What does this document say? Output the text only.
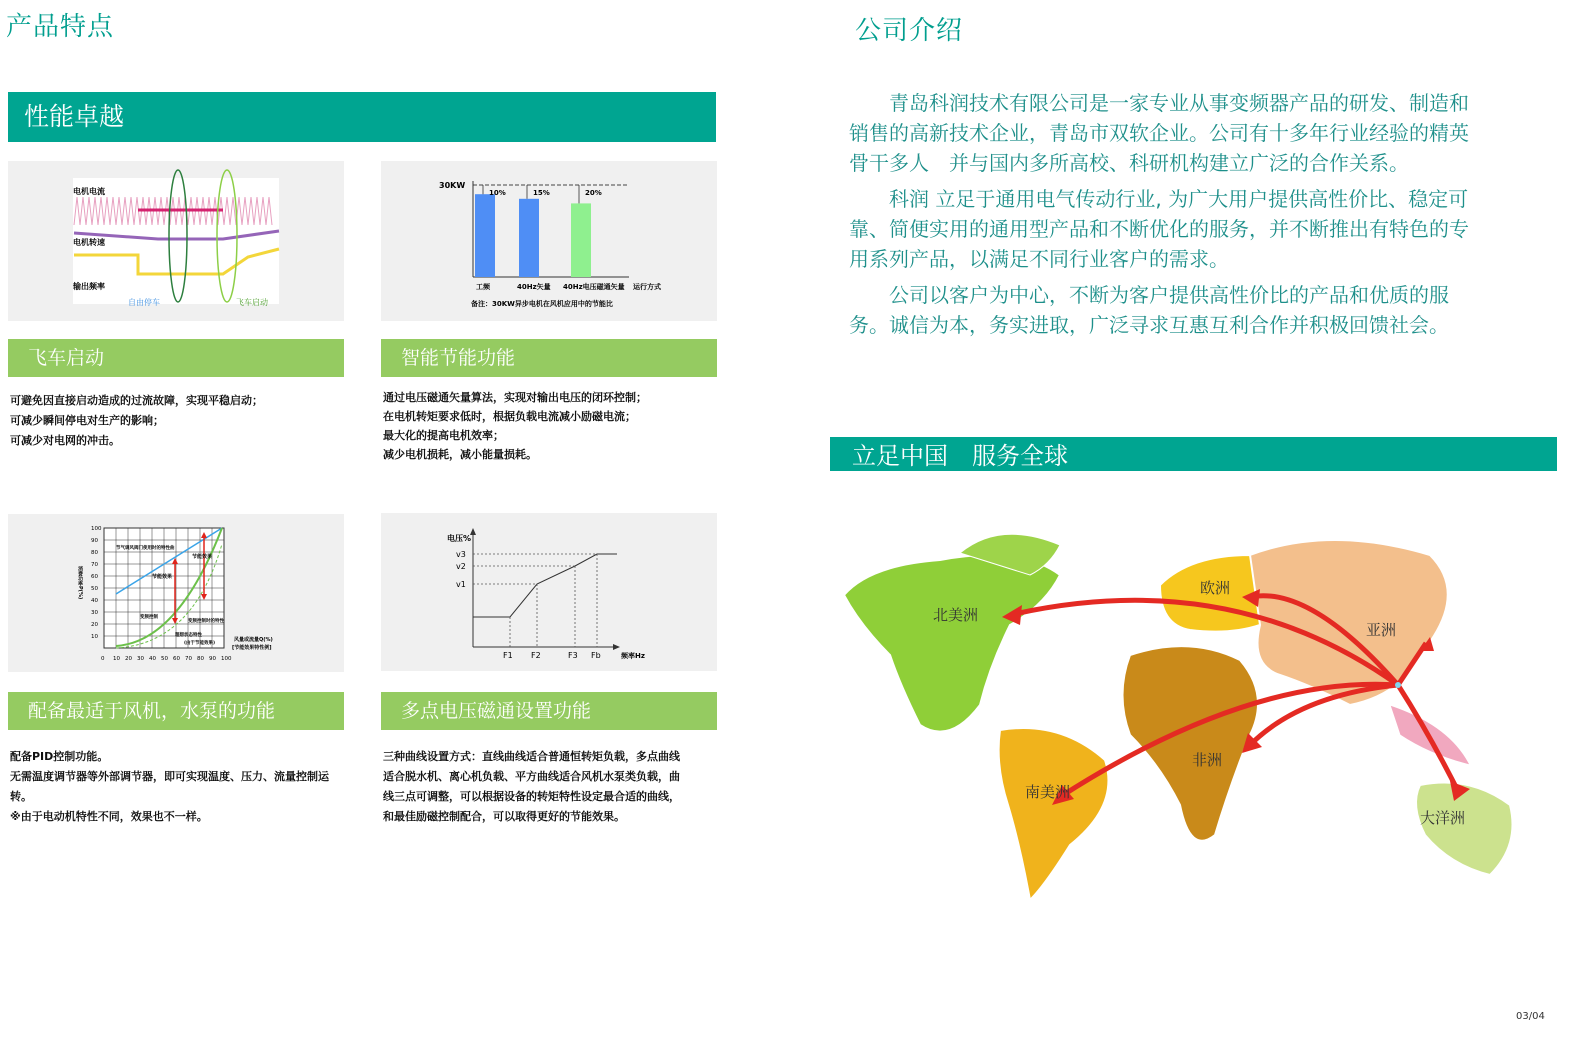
产品特点
性能卓越
电机电流
电机转速
输出频率
自由停车	飞车启动
30KW
10%	15%	20%
工频	40Hz矢量 40Hz电压磁通矢量 运行方式
备注：30KW异步电机在风机应用中的节能比
飞车启动	智能节能功能
可避免因直接启动造成的过流故障，实现平稳启动；
可减少瞬间停电对生产的影响；
可减少对电网的冲击。
通过电压磁通矢量算法，实现对输出电压的闭环控制；
在电机转矩要求低时，根据负载电流减小励磁电流；
最大化的提高电机效率；
减少电机损耗，减小能量损耗。
100
90
80
70
60
50
40
30
20
10
0 10 20 30 40 50 60 70 80 90 100
节气调风阀门使用时的特性曲
节能效果
节能效果
变频控制
变频控制时的特性
理想状态特性
(由于节能效果)
风量或流量Q(%)
[节能效果特性例]
消费功率P(%)
电压%
v3
v2
v1
F1 F2	F3 Fb	频率Hz
配备最适于风机，水泵的功能	多点电压磁通设置功能
配备PID控制功能。
无需温度调节器等外部调节器，即可实现温度、压力、流量控制运转。
※由于电动机特性不同，效果也不一样。
三种曲线设置方式：直线曲线适合普通恒转矩负载，多点曲线
适合脱水机、离心机负载、平方曲线适合风机水泵类负载，曲
线三点可调整，可以根据设备的转矩特性设定最合适的曲线，
和最佳励磁控制配合，可以取得更好的节能效果。
公司介绍

青岛科润技术有限公司是一家专业从事变频器产品的研发、制造和销售的高新技术企业，青岛市双软企业。公司有十多年行业经验的精英骨干多人　并与国内多所高校、科研机构建立广泛的合作关系。

科润 立足于通用电气传动行业, 为广大用户提供高性价比、稳定可靠、简便实用的通用型产品和不断优化的服务，并不断推出有特色的专用系列产品，以满足不同行业客户的需求。

公司以客户为中心，不断为客户提供高性价比的产品和优质的服务。诚信为本，务实进取，广泛寻求互惠互利合作并积极回馈社会。

立足中国　服务全球
北美洲
欧洲
亚洲
非洲
南美洲
大洋洲
03/04
